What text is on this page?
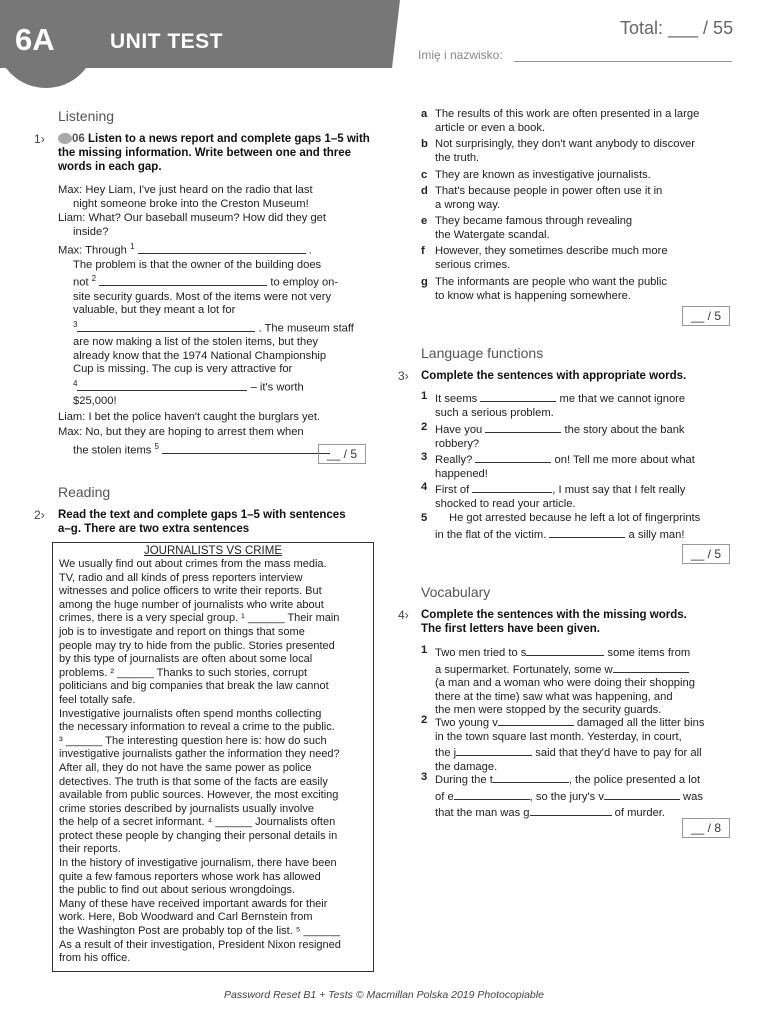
6A	UNIT TEST
Total: ___ / 55
Imię i nazwisko:
Listening
1›	06 Listen to a news report and complete gaps 1–5 with the missing information. Write between one and three words in each gap.
Max: Hey Liam, I've just heard on the radio that last
night someone broke into the Creston Museum!
Liam: What? Our baseball museum? How did they get
inside?
Max: Through $^1$	.
The problem is that the owner of the building does
not $^2$	to employ on-
site security guards. Most of the items were not very
valuable, but they meant a lot for
$^3$	. The museum staff
are now making a list of the stolen items, but they
already know that the 1974 National Championship
Cup is missing. The cup is very attractive for
$^4$	– it's worth
$25,000!
Liam: I bet the police haven't caught the burglars yet.
Max: No, but they are hoping to arrest them when
the stolen items $^5$
__ / 5
Reading
2› Read the text and complete gaps 1–5 with sentences a–g. There are two extra sentences
JOURNALISTS VS CRIME
We usually find out about crimes from the mass media.
TV, radio and all kinds of press reporters interview
witnesses and police officers to write their reports. But
among the huge number of journalists who write about
crimes, there is a very special group. ¹ ______ Their main
job is to investigate and report on things that some
people may try to hide from the public. Stories presented
by this type of journalists are often about some local
problems. ² ______ Thanks to such stories, corrupt
politicians and big companies that break the law cannot
feel totally safe.
Investigative journalists often spend months collecting
the necessary information to reveal a crime to the public.
³ ______ The interesting question here is: how do such
investigative journalists gather the information they need?
After all, they do not have the same power as police
detectives. The truth is that some of the facts are easily
available from public sources. However, the most exciting
crime stories described by journalists usually involve
the help of a secret informant. ⁴ ______ Journalists often
protect these people by changing their personal details in
their reports.
In the history of investigative journalism, there have been
quite a few famous reporters whose work has allowed
the public to find out about serious wrongdoings.
Many of these have received important awards for their
work. Here, Bob Woodward and Carl Bernstein from
the Washington Post are probably top of the list. ⁵ ______
As a result of their investigation, President Nixon resigned
from his office.
a The results of this work are often presented in a large
article or even a book.
b Not surprisingly, they don't want anybody to discover
the truth.
c They are known as investigative journalists.
d That's because people in power often use it in
a wrong way.
e They became famous through revealing
the Watergate scandal.
f However, they sometimes describe much more
serious crimes.
g The informants are people who want the public
to know what is happening somewhere.
__ / 5
Language functions
3› Complete the sentences with appropriate words.
1 It seems	me that we cannot ignore
such a serious problem.
2 Have you	the story about the bank
robbery?
3 Really?	on! Tell me more about what
happened!
4 First of	, I must say that I felt really
shocked to read your article.
5	He got arrested because he left a lot of fingerprints
in the flat of the victim.	a silly man!
__ / 5
Vocabulary
4› Complete the sentences with the missing words.
The first letters have been given.
1 Two men tried to s	some items from
a supermarket. Fortunately, some w
(a man and a woman who were doing their shopping
there at the time) saw what was happening, and
the men were stopped by the security guards.
2 Two young v	damaged all the litter bins
in the town square last month. Yesterday, in court,
the j	said that they'd have to pay for all
the damage.
3 During the t	, the police presented a lot
of e	, so the jury's v	was
that the man was g	of murder.
__ / 8
Password Reset B1 + Tests © Macmillan Polska 2019 Photocopiable
